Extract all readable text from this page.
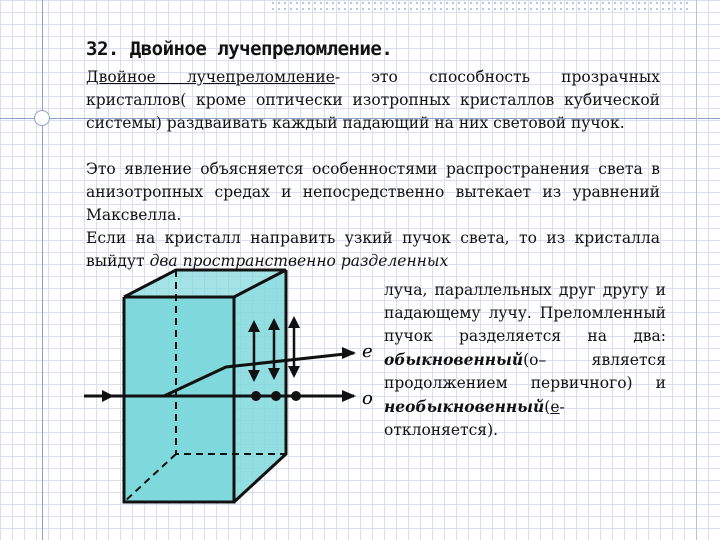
32. Двойное лучепреломление.
Двойное лучепреломление- это способность прозрачных кристаллов( кроме оптически изотропных кристаллов кубической системы) раздваивать каждый падающий на них световой пучок.
Это явление объясняется особенностями распространения света в анизотропных средах и непосредственно вытекает из уравнений Максвелла.
Если на кристалл направить узкий пучок света, то из кристалла выйдут два пространственно разделенных
e
o
луча, параллельных друг другу и падающему лучу. Преломленный пучок разделяется на два: обыкновенный(o– является продолжением первичного) и необыкновенный(е- отклоняется).
